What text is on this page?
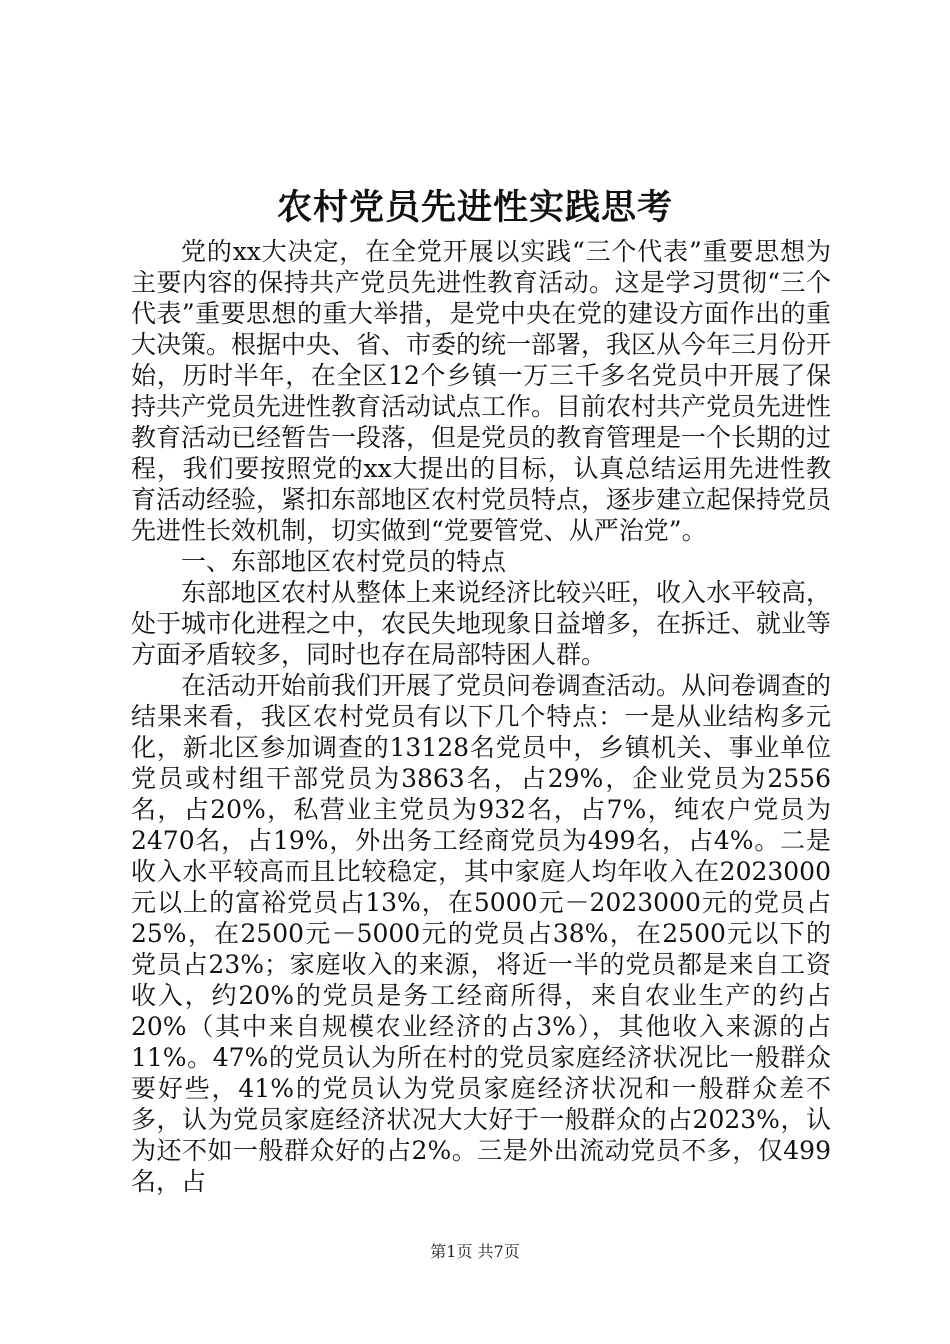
农村党员先进性实践思考

党的xx大决定，在全党开展以实践“三个代表”重要思想为主要内容的保持共产党员先进性教育活动。这是学习贯彻“三个代表”重要思想的重大举措，是党中央在党的建设方面作出的重大决策。根据中央、省、市委的统一部署，我区从今年三月份开始，历时半年，在全区12个乡镇一万三千多名党员中开展了保持共产党员先进性教育活动试点工作。目前农村共产党员先进性教育活动已经暂告一段落，但是党员的教育管理是一个长期的过程，我们要按照党的xx大提出的目标，认真总结运用先进性教育活动经验，紧扣东部地区农村党员特点，逐步建立起保持党员先进性长效机制，切实做到“党要管党、从严治党”。

一、东部地区农村党员的特点

东部地区农村从整体上来说经济比较兴旺，收入水平较高，处于城市化进程之中，农民失地现象日益增多，在拆迁、就业等方面矛盾较多，同时也存在局部特困人群。

在活动开始前我们开展了党员问卷调查活动。从问卷调查的结果来看，我区农村党员有以下几个特点：一是从业结构多元化，新北区参加调查的13128名党员中，乡镇机关、事业单位党员或村组干部党员为3863名，占29%，企业党员为2556名，占20%，私营业主党员为932名，占7%，纯农户党员为2470名，占19%，外出务工经商党员为499名，占4%。二是收入水平较高而且比较稳定，其中家庭人均年收入在2023000元以上的富裕党员占13%，在5000元－2023000元的党员占25%，在2500元－5000元的党员占38%，在2500元以下的党员占23%；家庭收入的来源，将近一半的党员都是来自工资收入，约20%的党员是务工经商所得，来自农业生产的约占20%（其中来自规模农业经济的占3%），其他收入来源的占11%。47%的党员认为所在村的党员家庭经济状况比一般群众要好些，41%的党员认为党员家庭经济状况和一般群众差不多，认为党员家庭经济状况大大好于一般群众的占2023%，认为还不如一般群众好的占2%。三是外出流动党员不多，仅499名，占

第1页 共7页
